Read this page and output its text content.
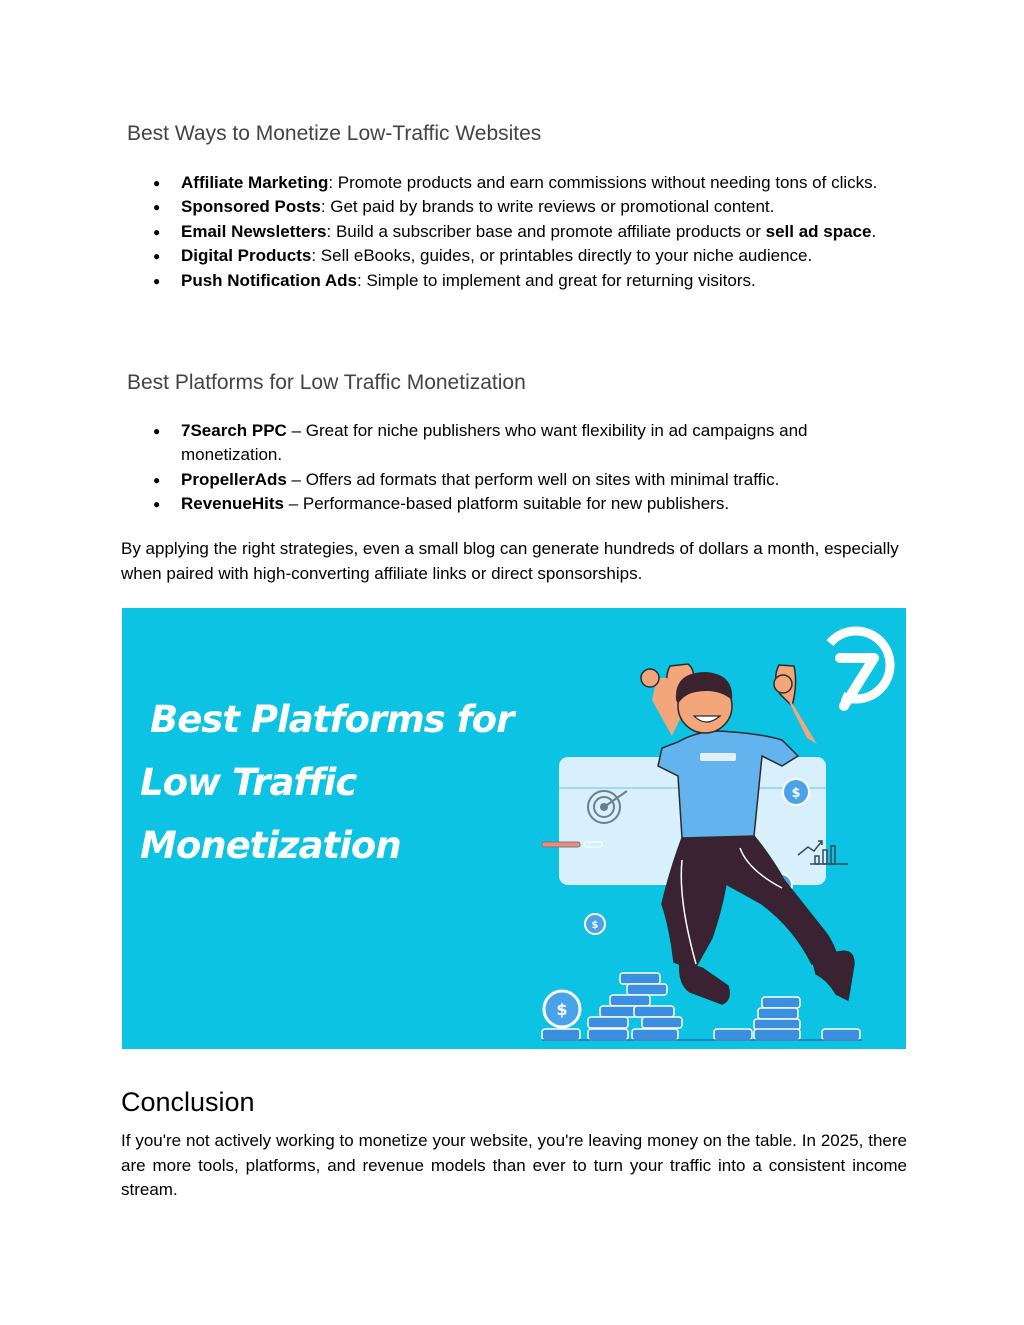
Best Ways to Monetize Low-Traffic Websites
● Affiliate Marketing: Promote products and earn commissions without needing tons of clicks.
● Sponsored Posts: Get paid by brands to write reviews or promotional content.
● Email Newsletters: Build a subscriber base and promote affiliate products or sell ad space.
● Digital Products: Sell eBooks, guides, or printables directly to your niche audience.
● Push Notification Ads: Simple to implement and great for returning visitors.
Best Platforms for Low Traffic Monetization
● 7Search PPC – Great for niche publishers who want flexibility in ad campaigns and monetization.
● PropellerAds – Offers ad formats that perform well on sites with minimal traffic.
● RevenueHits – Performance-based platform suitable for new publishers.

By applying the right strategies, even a small blog can generate hundreds of dollars a month, especially when paired with high-converting affiliate links or direct sponsorships.

$
$
$
Best Platforms for
Low Traffic
Monetization
Conclusion

If you're not actively working to monetize your website, you're leaving money on the table. In 2025, there are more tools, platforms, and revenue models than ever to turn your traffic into a consistent income stream.
